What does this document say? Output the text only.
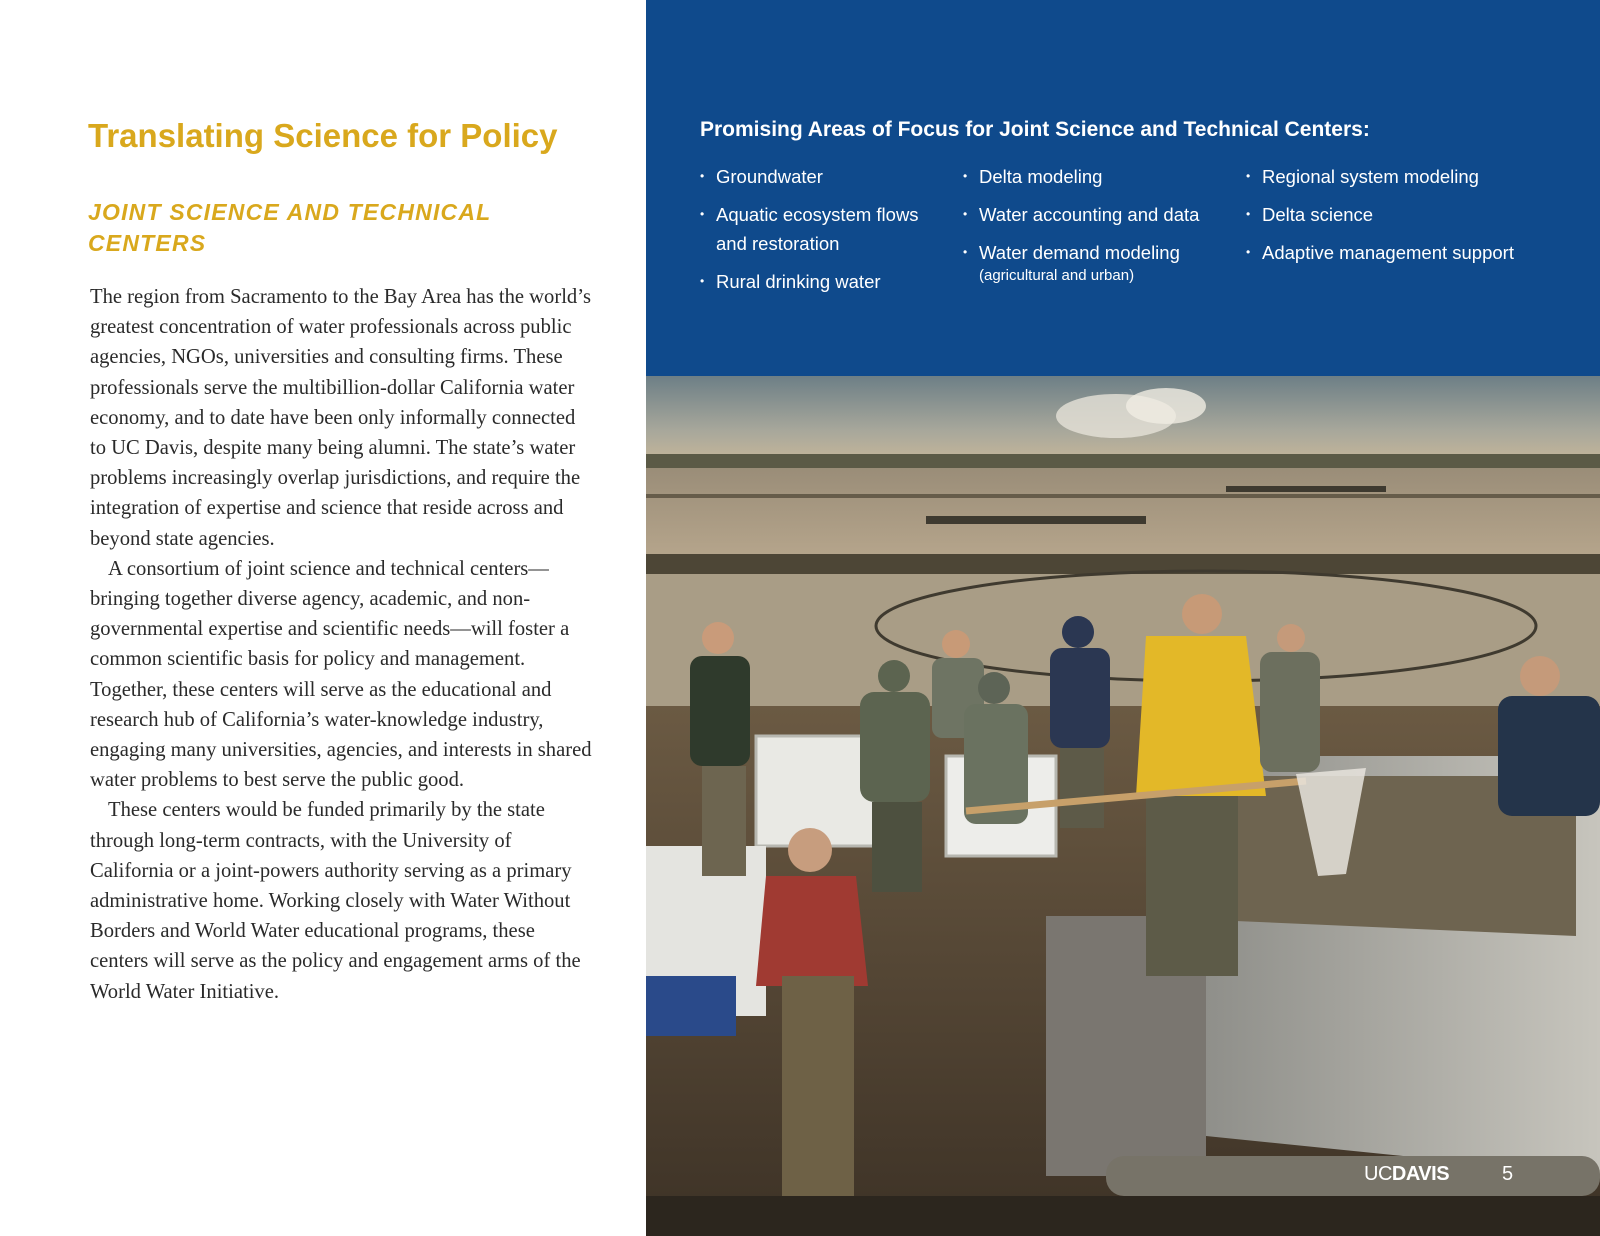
Translating Science for Policy
JOINT SCIENCE AND TECHNICAL CENTERS

The region from Sacramento to the Bay Area has the world’s greatest concentration of water professionals across public agencies, NGOs, universities and consulting firms. These professionals serve the multibillion-dollar California water economy, and to date have been only informally connected to UC Davis, despite many being alumni. The state’s water problems increasingly overlap jurisdictions, and require the integration of expertise and science that reside across and beyond state agencies.

A consortium of joint science and technical centers—bringing together diverse agency, academic, and non-governmental expertise and scientific needs—will foster a common scientific basis for policy and management. Together, these centers will serve as the educational and research hub of California’s water-knowledge industry, engaging many universities, agencies, and interests in shared water problems to best serve the public good.

These centers would be funded primarily by the state through long-term contracts, with the University of California or a joint-powers authority serving as a primary administrative home. Working closely with Water Without Borders and World Water educational programs, these centers will serve as the policy and engagement arms of the World Water Initiative.

Promising Areas of Focus for Joint Science and Technical Centers:
• Groundwater
• Aquatic ecosystem flows and restoration
• Rural drinking water
• Delta modeling
• Water accounting and data
• Water demand modeling
(agricultural and urban)
• Regional system modeling
• Delta science
• Adaptive management support
UCDAVIS	5
